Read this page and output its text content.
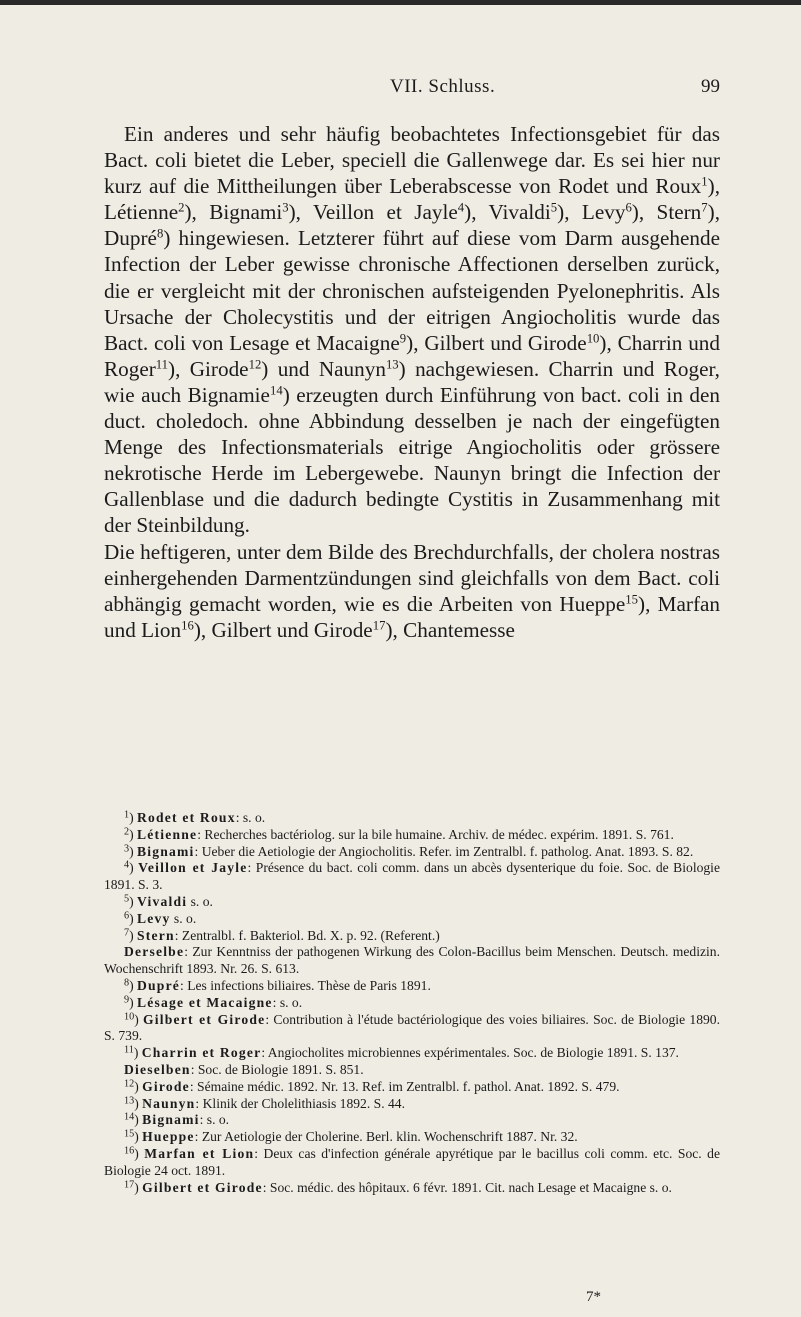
VII. Schluss.	99

Ein anderes und sehr häufig beobachtetes Infectionsgebiet für das Bact. coli bietet die Leber, speciell die Gallenwege dar. Es sei hier nur kurz auf die Mittheilungen über Leberabscesse von Rodet und Roux$^1$), Létienne$^2$), Bignami$^3$), Veillon et Jayle$^4$), Vivaldi$^5$), Levy$^6$), Stern$^7$), Dupré$^8$) hingewiesen. Letzterer führt auf diese vom Darm ausgehende Infection der Leber gewisse chronische Affectionen derselben zurück, die er vergleicht mit der chronischen aufsteigenden Pyelonephritis. Als Ursache der Cholecystitis und der eitrigen Angiocholitis wurde das Bact. coli von Lesage et Macaigne$^9$), Gilbert und Girode$^{10}$), Charrin und Roger$^{11}$), Girode$^{12}$) und Naunyn$^{13}$) nachgewiesen. Charrin und Roger, wie auch Bignamie$^{14}$) erzeugten durch Einführung von bact. coli in den duct. choledoch. ohne Abbindung desselben je nach der eingefügten Menge des Infectionsmaterials eitrige Angiocholitis oder grössere nekrotische Herde im Lebergewebe. Naunyn bringt die Infection der Gallenblase und die dadurch bedingte Cystitis in Zusammenhang mit der Steinbildung.

Die heftigeren, unter dem Bilde des Brechdurchfalls, der cholera nostras einhergehenden Darmentzündungen sind gleichfalls von dem Bact. coli abhängig gemacht worden, wie es die Arbeiten von Hueppe$^{15}$), Marfan und Lion$^{16}$), Gilbert und Girode$^{17}$), Chantemesse

$^1$) Rodet et Roux: s. o.

$^2$) Létienne: Recherches bactériolog. sur la bile humaine. Archiv. de médec. expérim. 1891. S. 761.

$^3$) Bignami: Ueber die Aetiologie der Angiocholitis. Refer. im Zentralbl. f. patholog. Anat. 1893. S. 82.

$^4$) Veillon et Jayle: Présence du bact. coli comm. dans un abcès dysenterique du foie. Soc. de Biologie 1891. S. 3.

$^5$) Vivaldi s. o.

$^6$) Levy s. o.

$^7$) Stern: Zentralbl. f. Bakteriol. Bd. X. p. 92. (Referent.)

Derselbe: Zur Kenntniss der pathogenen Wirkung des Colon-Bacillus beim Menschen. Deutsch. medizin. Wochenschrift 1893. Nr. 26. S. 613.

$^8$) Dupré: Les infections biliaires. Thèse de Paris 1891.

$^9$) Lésage et Macaigne: s. o.

$^{10}$) Gilbert et Girode: Contribution à l'étude bactériologique des voies biliaires. Soc. de Biologie 1890. S. 739.

$^{11}$) Charrin et Roger: Angiocholites microbiennes expérimentales. Soc. de Biologie 1891. S. 137.

Dieselben: Soc. de Biologie 1891. S. 851.

$^{12}$) Girode: Sémaine médic. 1892. Nr. 13. Ref. im Zentralbl. f. pathol. Anat. 1892. S. 479.

$^{13}$) Naunyn: Klinik der Cholelithiasis 1892. S. 44.

$^{14}$) Bignami: s. o.

$^{15}$) Hueppe: Zur Aetiologie der Cholerine. Berl. klin. Wochenschrift 1887. Nr. 32.

$^{16}$) Marfan et Lion: Deux cas d'infection générale apyrétique par le bacillus coli comm. etc. Soc. de Biologie 24 oct. 1891.

$^{17}$) Gilbert et Girode: Soc. médic. des hôpitaux. 6 févr. 1891. Cit. nach Lesage et Macaigne s. o.

7*
